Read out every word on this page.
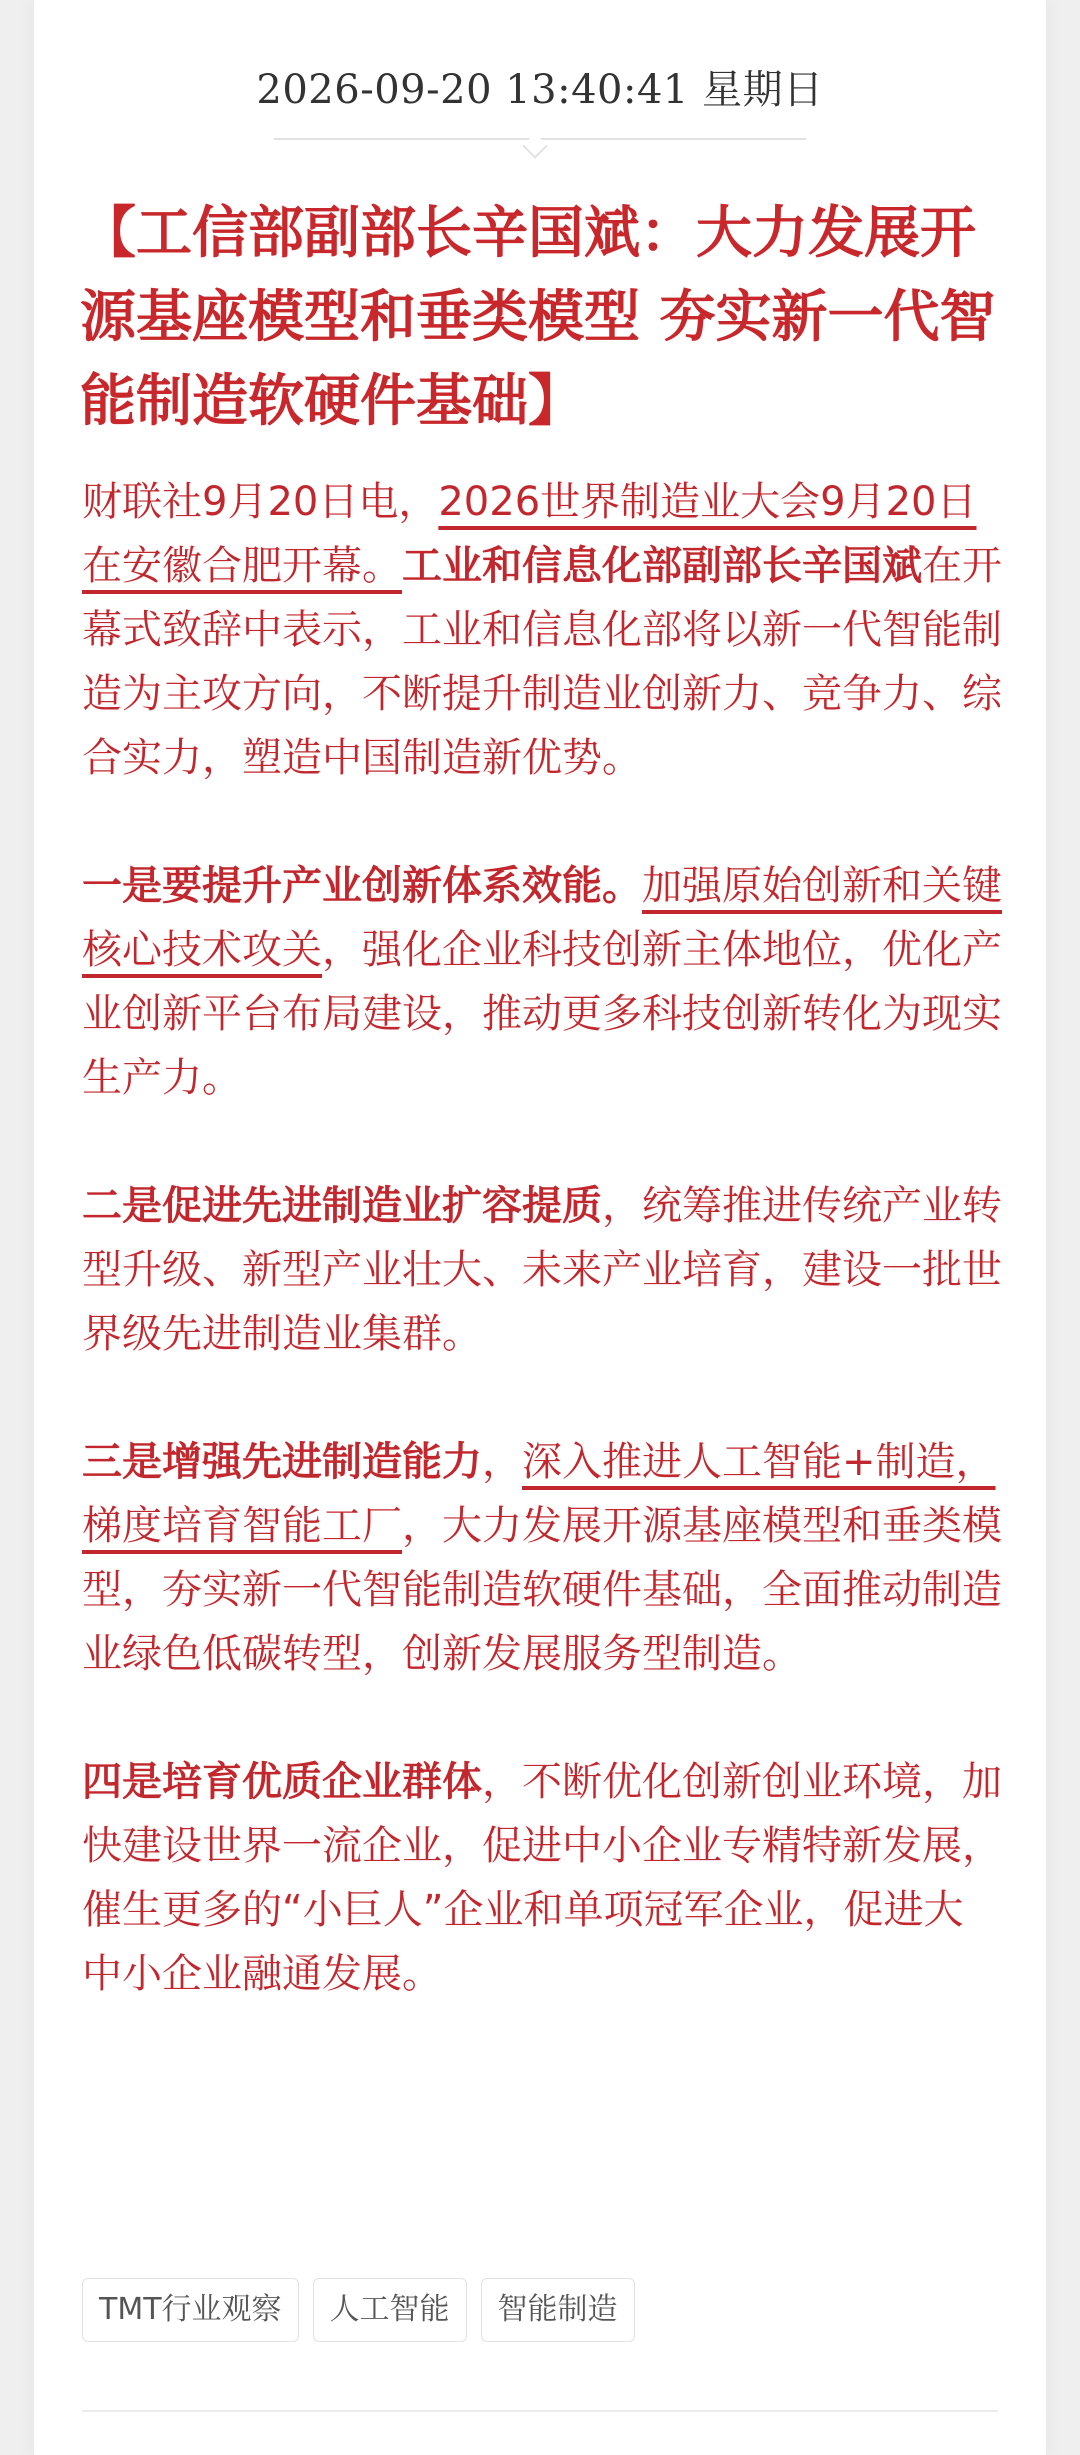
2026-09-20 13:40:41 星期日
【工信部副部长辛国斌：大力发展开源基座模型和垂类模型 夯实新一代智能制造软硬件基础】

财联社9月20日电，2026世界制造业大会9月20日在安徽合肥开幕。工业和信息化部副部长辛国斌在开幕式致辞中表示，工业和信息化部将以新一代智能制造为主攻方向，不断提升制造业创新力、竞争力、综合实力，塑造中国制造新优势。

一是要提升产业创新体系效能。加强原始创新和关键核心技术攻关，强化企业科技创新主体地位，优化产业创新平台布局建设，推动更多科技创新转化为现实生产力。

二是促进先进制造业扩容提质，统筹推进传统产业转型升级、新型产业壮大、未来产业培育，建设一批世界级先进制造业集群。

三是增强先进制造能力，深入推进人工智能+制造，梯度培育智能工厂，大力发展开源基座模型和垂类模型，夯实新一代智能制造软硬件基础，全面推动制造业绿色低碳转型，创新发展服务型制造。

四是培育优质企业群体，不断优化创新创业环境，加快建设世界一流企业，促进中小企业专精特新发展，催生更多的“小巨人”企业和单项冠军企业，促进大中小企业融通发展。

TMT行业观察	人工智能	智能制造
